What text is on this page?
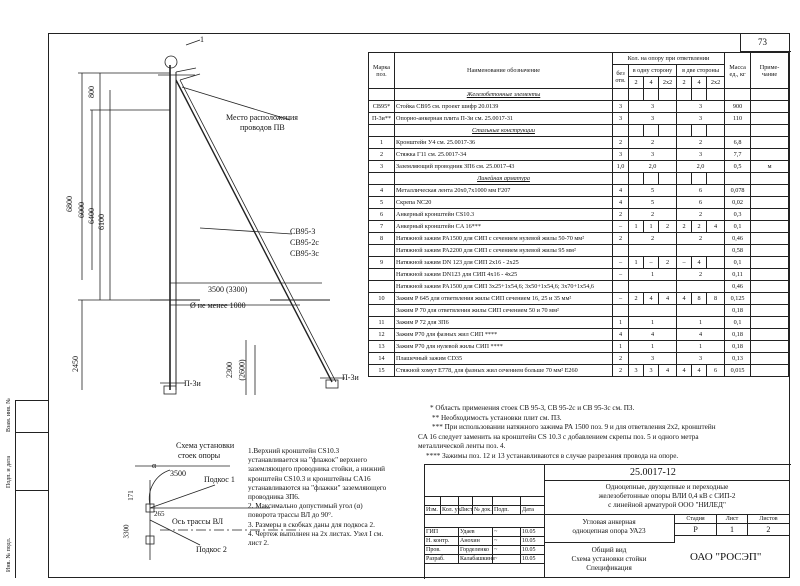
73
Взам. инв. №
Подп. и дата
Инв. № подл.
1
Место расположения
проводов ПВ
800
6800 6000 6400 6100
2450
СВ95-3
СВ95-2с
СВ95-3с
3500 (3300)
Ø не менее 1000
2300 (2600)
П-3и
П-3и
Схема установки
стоек опоры
α
3500
171
265
3300
Ось трассы ВЛ
Подкос 1
Подкос 2
1.Верхний кронштейн CS10.3
устанавливается на "флажок" верхнего
заземляющего проводника стойки, а нижний
кронштейн CS10.3 и кронштейны CA16
устанавливаются на "флажки" заземляющего
проводника ЗП6.
2. Максимально допустимый угол (α)
поворота трассы ВЛ до 90°.
3. Размеры в скобках даны для подкоса 2.
4. Чертеж выполнен на 2х листах. Узел I см.
лист 2.
Марка поз.	Наименование обозначение	Кол. на опору при ответвлении							Масса ед., кг	Приме- чание
		без отв.	в одну сторону			в две стороны				
			2	4	2х2	2	4	2х2		
	Железобетонные элементы									
СВ95*	Стойка СВ95 см. проект шифр 20.0139	3	3			3			900	
П-3и**	Опорно-анкерная плита П-3и см. 25.0017-31	3	3			3			110	
	Стальные конструкции									
1	Кронштейн У4 см. 25.0017-36	2	2			2			6,8	
2	Стяжка Г11 см. 25.0017-34	3	3			3			7,7	
3	Заземляющий проводник ЗП6 см. 25.0017-43	1,0	2,0			2,0			0,5	м
	Линейная арматура									
4	Металлическая лента 20х0,7х1000 мм F207	4	5			6			0,078	
5	Скрепа NC20	4	5			6			0,02	
6	Анкерный кронштейн CS10.3	2	2			2			0,3	
7	Анкерный кронштейн CA 16***	–	1	1	2	2	2	4	0,1	
8	Натяжной зажим PA1500 для СИП с сечением нулевой жилы 50-70 мм²	2	2			2			0,46	
	Натяжной зажим PA2200 для СИП с сечением нулевой жилы 95 мм²								0,58	
9	Натяжной зажим DN 123 для СИП 2х16 - 2х25	–	1	–	2	–	4		0,1	
	Натяжной зажим DN123 для СИП 4х16 - 4х25	–	1			2			0,11	
	Натяжной зажим PA1500 для СИП 3х25+1х54,6; 3х50+1х54,6; 3х70+1х54,6								0,46	
10	Зажим P 645 для ответвления жилы СИП сечением 16, 25 и 35 мм²	–	2	4	4	4	8	8	0,125	
	Зажим P 70 для ответвления жилы СИП сечением 50 и 70 мм²								0,18	
11	Зажим P 72 для ЗП6	1	1			1			0,1	
12	Зажим P70 для фазных жил СИП ****	4	4			4			0,18	
13	Зажим P70 для нулевой жилы СИП ****	1	1			1			0,18	
14	Плашечный зажим CD35	2	3			3			0,13	
15	Стяжной хомут E778, для фазных жил сечением больше 70 мм² E260	2	3	3	4	4	4	6	0,015	
* Область применения стоек СВ 95-3, СВ 95-2с и СВ 95-3с см. ПЗ.
** Необходимость установки плит см. ПЗ.
*** При использовании натяжного зажима PA 1500 поз. 9 и для ответвления 2х2, кронштейн
CA 16 следует заменить на кронштейн CS 10.3 с добавлением скрепы поз. 5 и одного метра
металлической ленты поз. 4.
**** Зажимы поз. 12 и 13 устанавливаются в случае разрезания провода на опоре.
25.0017-12
Одноцепные, двухцепные и переходные
железобетонные опоры ВЛИ 0,4 кВ с СИП-2
с линейной арматурой ООО "НИЛЕД"
Угловая анкерная
одноцепная опора УА23
Общий вид
Схема установки стойки
Спецификация
Стадия	Лист	Листов
Р	1	2
ОАО "РОСЭП"

Изм.	Кол. уч.	Лист	№ док.	Подп.	Дата

ГИП		Удаев		~	10.05
Н. контр.		Анохин		~	10.05
Пров.		Горделенко		~	10.05
Разраб.		Калабашкина		~	10.05
